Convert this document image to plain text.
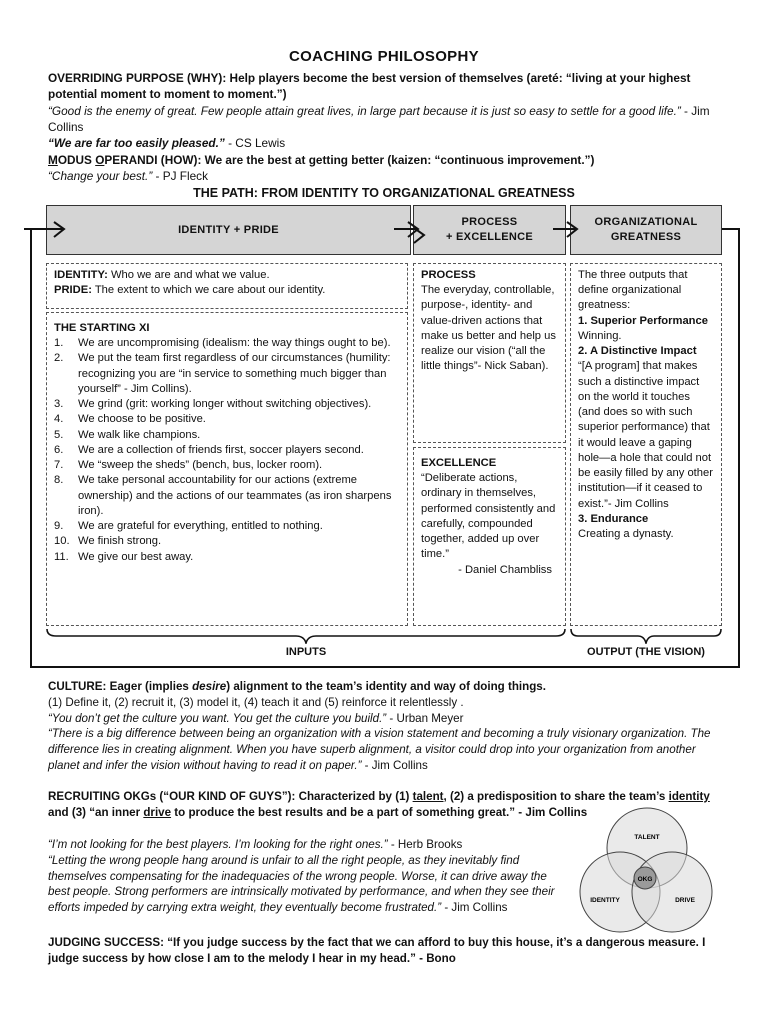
COACHING PHILOSOPHY
OVERRIDING PURPOSE (WHY): Help players become the best version of themselves (areté: “living at your highest potential moment to moment to moment.”)
“Good is the enemy of great. Few people attain great lives, in large part because it is just so easy to settle for a good life.” - Jim Collins
“We are far too easily pleased.” - CS Lewis
MODUS OPERANDI (HOW): We are the best at getting better (kaizen: “continuous improvement.”)
“Change your best.” - PJ Fleck
THE PATH: FROM IDENTITY TO ORGANIZATIONAL GREATNESS
IDENTITY + PRIDE
PROCESS
+ EXCELLENCE
ORGANIZATIONAL
GREATNESS
IDENTITY: Who we are and what we value.
PRIDE: The extent to which we care about our identity.
THE STARTING XI
1. We are uncompromising (idealism: the way things ought to be).
2. We put the team first regardless of our circumstances (humility: recognizing you are “in service to something much bigger than yourself” - Jim Collins).
3. We grind (grit: working longer without switching objectives).
4. We choose to be positive.
5. We walk like champions.
6. We are a collection of friends first, soccer players second.
7. We “sweep the sheds” (bench, bus, locker room).
8. We take personal accountability for our actions (extreme ownership) and the actions of our teammates (as iron sharpens iron).
9. We are grateful for everything, entitled to nothing.
10. We finish strong.
11. We give our best away.
PROCESS
The everyday, controllable, purpose-, identity- and value-driven actions that make us better and help us realize our vision (“all the little things”- Nick Saban).
EXCELLENCE
“Deliberate actions, ordinary in themselves, performed consistently and carefully, compounded together, added up over time.”
- Daniel Chambliss
The three outputs that define organizational greatness:
1. Superior Performance
Winning.
2. A Distinctive Impact
“[A program] that makes such a distinctive impact on the world it touches (and does so with such superior performance) that it would leave a gaping hole—a hole that could not be easily filled by any other institution—if it ceased to exist.”- Jim Collins
3. Endurance
Creating a dynasty.
INPUTS	OUTPUT (THE VISION)
CULTURE: Eager (implies desire) alignment to the team’s identity and way of doing things.
(1) Define it, (2) recruit it, (3) model it, (4) teach it and (5) reinforce it relentlessly .
“You don’t get the culture you want. You get the culture you build.” - Urban Meyer
“There is a big difference between being an organization with a vision statement and becoming a truly visionary organization. The difference lies in creating alignment. When you have superb alignment, a visitor could drop into your organization from another planet and infer the vision without having to read it on paper.” - Jim Collins
RECRUITING OKGs (“OUR KIND OF GUYS”): Characterized by (1) talent, (2) a predisposition to share the team’s identity and (3) “an inner drive to produce the best results and be a part of something great.” - Jim Collins
“I’m not looking for the best players. I’m looking for the right ones.” - Herb Brooks
“Letting the wrong people hang around is unfair to all the right people, as they inevitably find themselves compensating for the inadequacies of the wrong people. Worse, it can drive away the best people. Strong performers are intrinsically motivated by performance, and when they see their efforts impeded by carrying extra weight, they eventually become frustrated.” - Jim Collins
TALENT
IDENTITY	DRIVE
OKG
JUDGING SUCCESS: “If you judge success by the fact that we can afford to buy this house, it’s a dangerous measure. I judge success by how close I am to the melody I hear in my head.” - Bono
